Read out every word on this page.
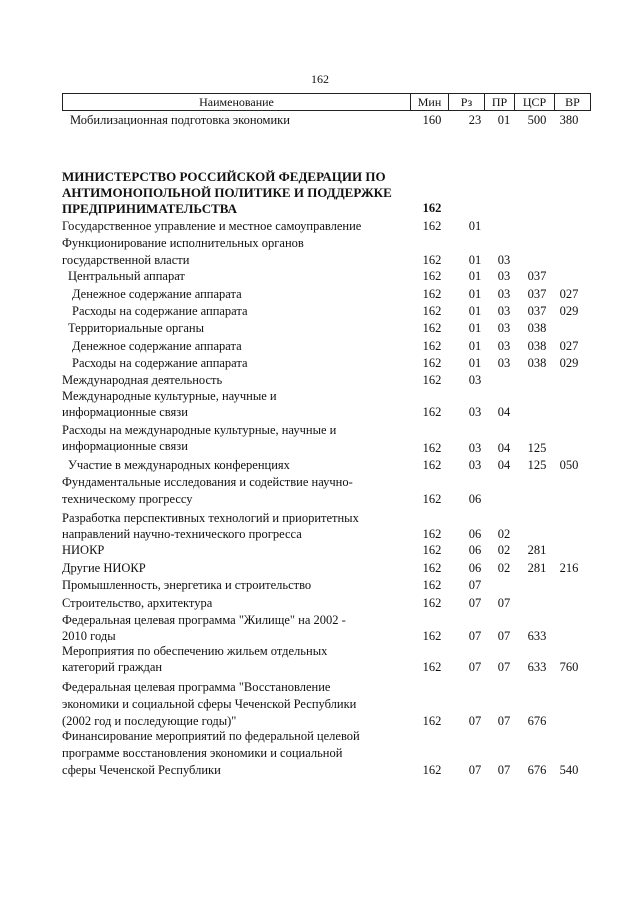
162
Наименование	Мин	Рз	ПР	ЦСР	ВР
Мобилизационная подготовка экономики	160	23	01	500	380
МИНИСТЕРСТВО РОССИЙСКОЙ ФЕДЕРАЦИИ ПО
АНТИМОНОПОЛЬНОЙ ПОЛИТИКЕ И ПОДДЕРЖКЕ
ПРЕДПРИНИМАТЕЛЬСТВА	162
Государственное управление и местное самоуправление	162	01
Функционирование исполнительных органов
государственной власти	162	01	03
Центральный аппарат	162	01	03	037
Денежное содержание аппарата	162	01	03	037	027
Расходы на содержание аппарата	162	01	03	037	029
Территориальные органы	162	01	03	038
Денежное содержание аппарата	162	01	03	038	027
Расходы на содержание аппарата	162	01	03	038	029
Международная деятельность	162	03
Международные культурные, научные и
информационные связи	162	03	04
Расходы на международные культурные, научные и
информационные связи	162	03	04	125
Участие в международных конференциях	162	03	04	125	050
Фундаментальные исследования и содействие научно-
техническому прогрессу	162	06
Разработка перспективных технологий и приоритетных
направлений научно-технического прогресса	162	06	02
НИОКР	162	06	02	281
Другие НИОКР	162	06	02	281	216
Промышленность, энергетика и строительство	162	07
Строительство, архитектура	162	07	07
Федеральная целевая программа "Жилище" на 2002 -
2010 годы	162	07	07	633
Мероприятия по обеспечению жильем отдельных
категорий граждан	162	07	07	633	760
Федеральная целевая программа "Восстановление
экономики и социальной сферы Чеченской Республики
(2002 год и последующие годы)"	162	07	07	676
Финансирование мероприятий по федеральной целевой
программе восстановления экономики и социальной
сферы Чеченской Республики	162	07	07	676	540
